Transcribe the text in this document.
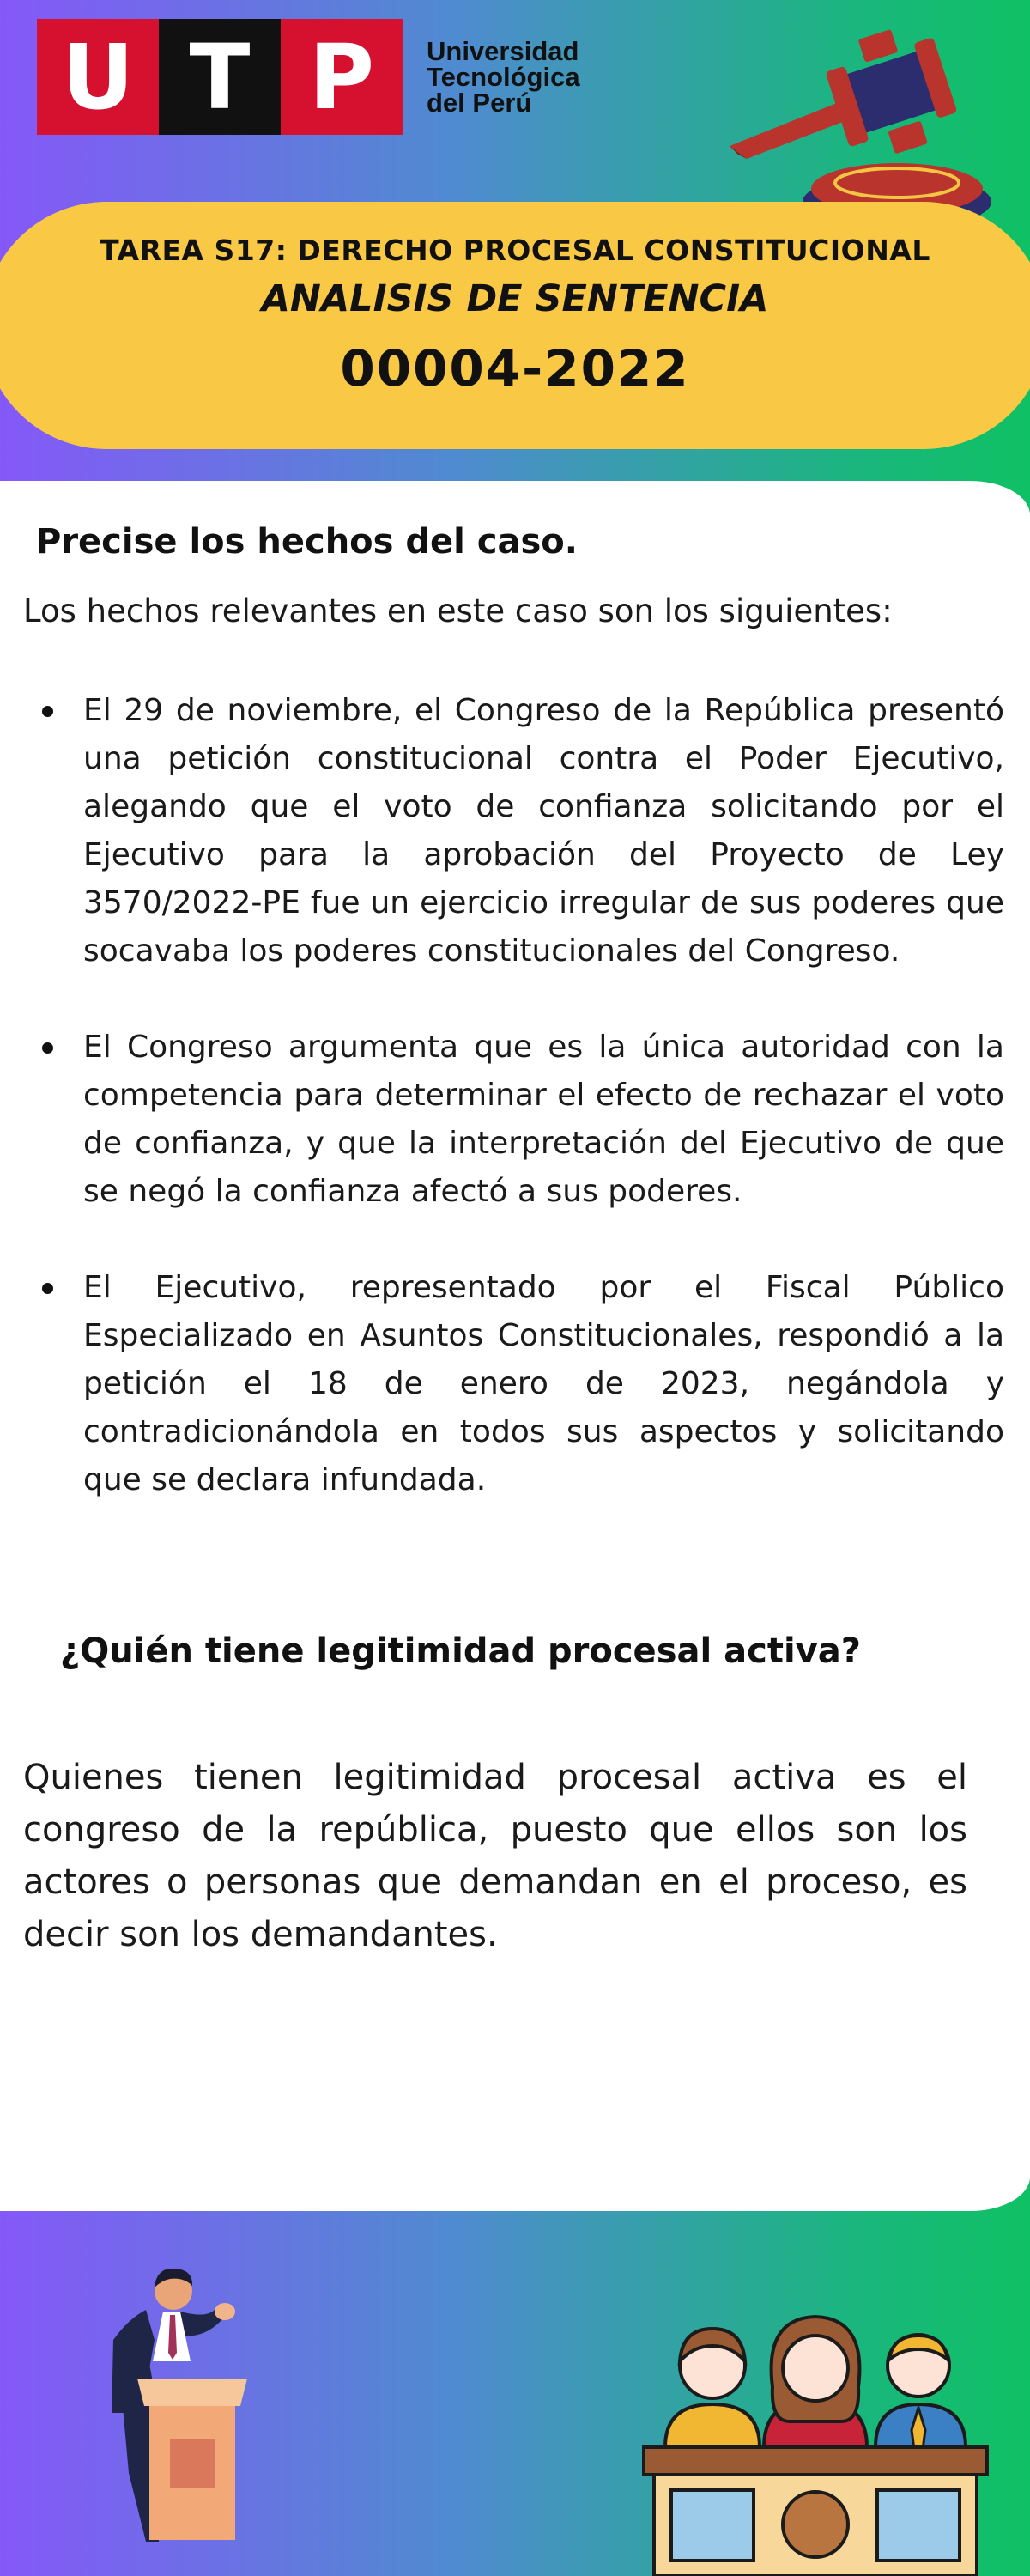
U T P	Universidad
Tecnológica
del Perú
TAREA S17: DERECHO PROCESAL CONSTITUCIONAL
ANALISIS DE SENTENCIA
00004-2022
Precise los hechos del caso.
Los hechos relevantes en este caso son los siguientes:
El 29 de noviembre, el Congreso de la República presentó una petición constitucional contra el Poder Ejecutivo, alegando que el voto de confianza solicitando por el Ejecutivo para la aprobación del Proyecto de Ley 3570/2022-PE fue un ejercicio irregular de sus poderes que socavaba los poderes constitucionales del Congreso.
El Congreso argumenta que es la única autoridad con la competencia para determinar el efecto de rechazar el voto de confianza, y que la interpretación del Ejecutivo de que se negó la confianza afectó a sus poderes.
El Ejecutivo, representado por el Fiscal Público Especializado en Asuntos Constitucionales, respondió a la petición el 18 de enero de 2023, negándola y contradicionándola en todos sus aspectos y solicitando que se declara infundada.
¿Quién tiene legitimidad procesal activa?
Quienes tienen legitimidad procesal activa es el congreso de la república, puesto que ellos son los actores o personas que demandan en el proceso, es decir son los demandantes.
